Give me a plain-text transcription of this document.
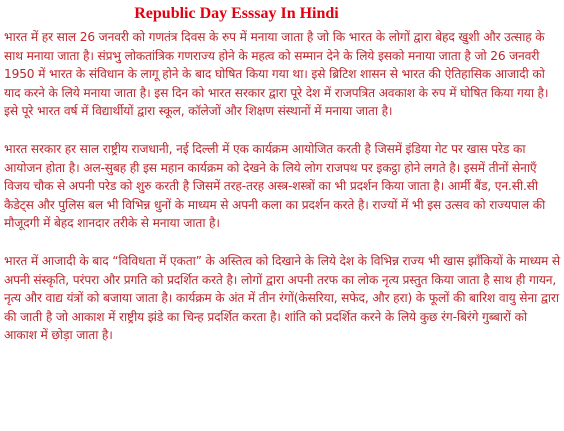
Republic Day Esssay In Hindi

भारत में हर साल 26 जनवरी को गणतंत्र दिवस के रुप में मनाया जाता है जो कि भारत के लोगों द्वारा बेहद खुशी और उत्साह के साथ मनाया जाता है। संप्रभु लोकतांत्रिक गणराज्य होने के महत्व को सम्मान देने के लिये इसको मनाया जाता है जो 26 जनवरी 1950 में भारत के संविधान के लागू होने के बाद घोषित किया गया था। इसे ब्रिटिश शासन से भारत की ऐतिहासिक आजादी को याद करने के लिये मनाया जाता है। इस दिन को भारत सरकार द्वारा पूरे देश में राजपत्रित अवकाश के रुप में घोषित किया गया है। इसे पूरे भारत वर्ष में विद्यार्थीयों द्वारा स्कूल, कॉलेजों और शिक्षण संस्थानों में मनाया जाता है।

भारत सरकार हर साल राष्ट्रीय राजधानी, नई दिल्ली में एक कार्यक्रम आयोजित करती है जिसमें इंडिया गेट पर खास परेड का आयोजन होता है। अल-सुबह ही इस महान कार्यक्रम को देखने के लिये लोग राजपथ पर इकट्ठा होने लगते है। इसमें तीनों सेनाएँ विजय चौक से अपनी परेड को शुरु करती है जिसमें तरह-तरह अस्त्र-शस्त्रों का भी प्रदर्शन किया जाता है। आर्मी बैंड, एन.सी.सी कैडेट्स और पुलिस बल भी विभिन्न धुनों के माध्यम से अपनी कला का प्रदर्शन करते है। राज्यों में भी इस उत्सव को राज्यपाल की मौजूदगी में बेहद शानदार तरीके से मनाया जाता है।

भारत में आजादी के बाद “विविधता में एकता” के अस्तित्व को दिखाने के लिये देश के विभिन्न राज्य भी खास झाँकियों के माध्यम से अपनी संस्कृति, परंपरा और प्रगति को प्रदर्शित करते है। लोगों द्वारा अपनी तरफ का लोक नृत्य प्रस्तुत किया जाता है साथ ही गायन, नृत्य और वाद्य यंत्रों को बजाया जाता है। कार्यक्रम के अंत में तीन रंगों(केसरिया, सफेद, और हरा) के फूलों की बारिश वायु सेना द्वारा की जाती है जो आकाश में राष्ट्रीय झंडे का चिन्ह प्रदर्शित करता है। शांति को प्रदर्शित करने के लिये कुछ रंग-बिरंगे गुब्बारों को आकाश में छोड़ा जाता है।
